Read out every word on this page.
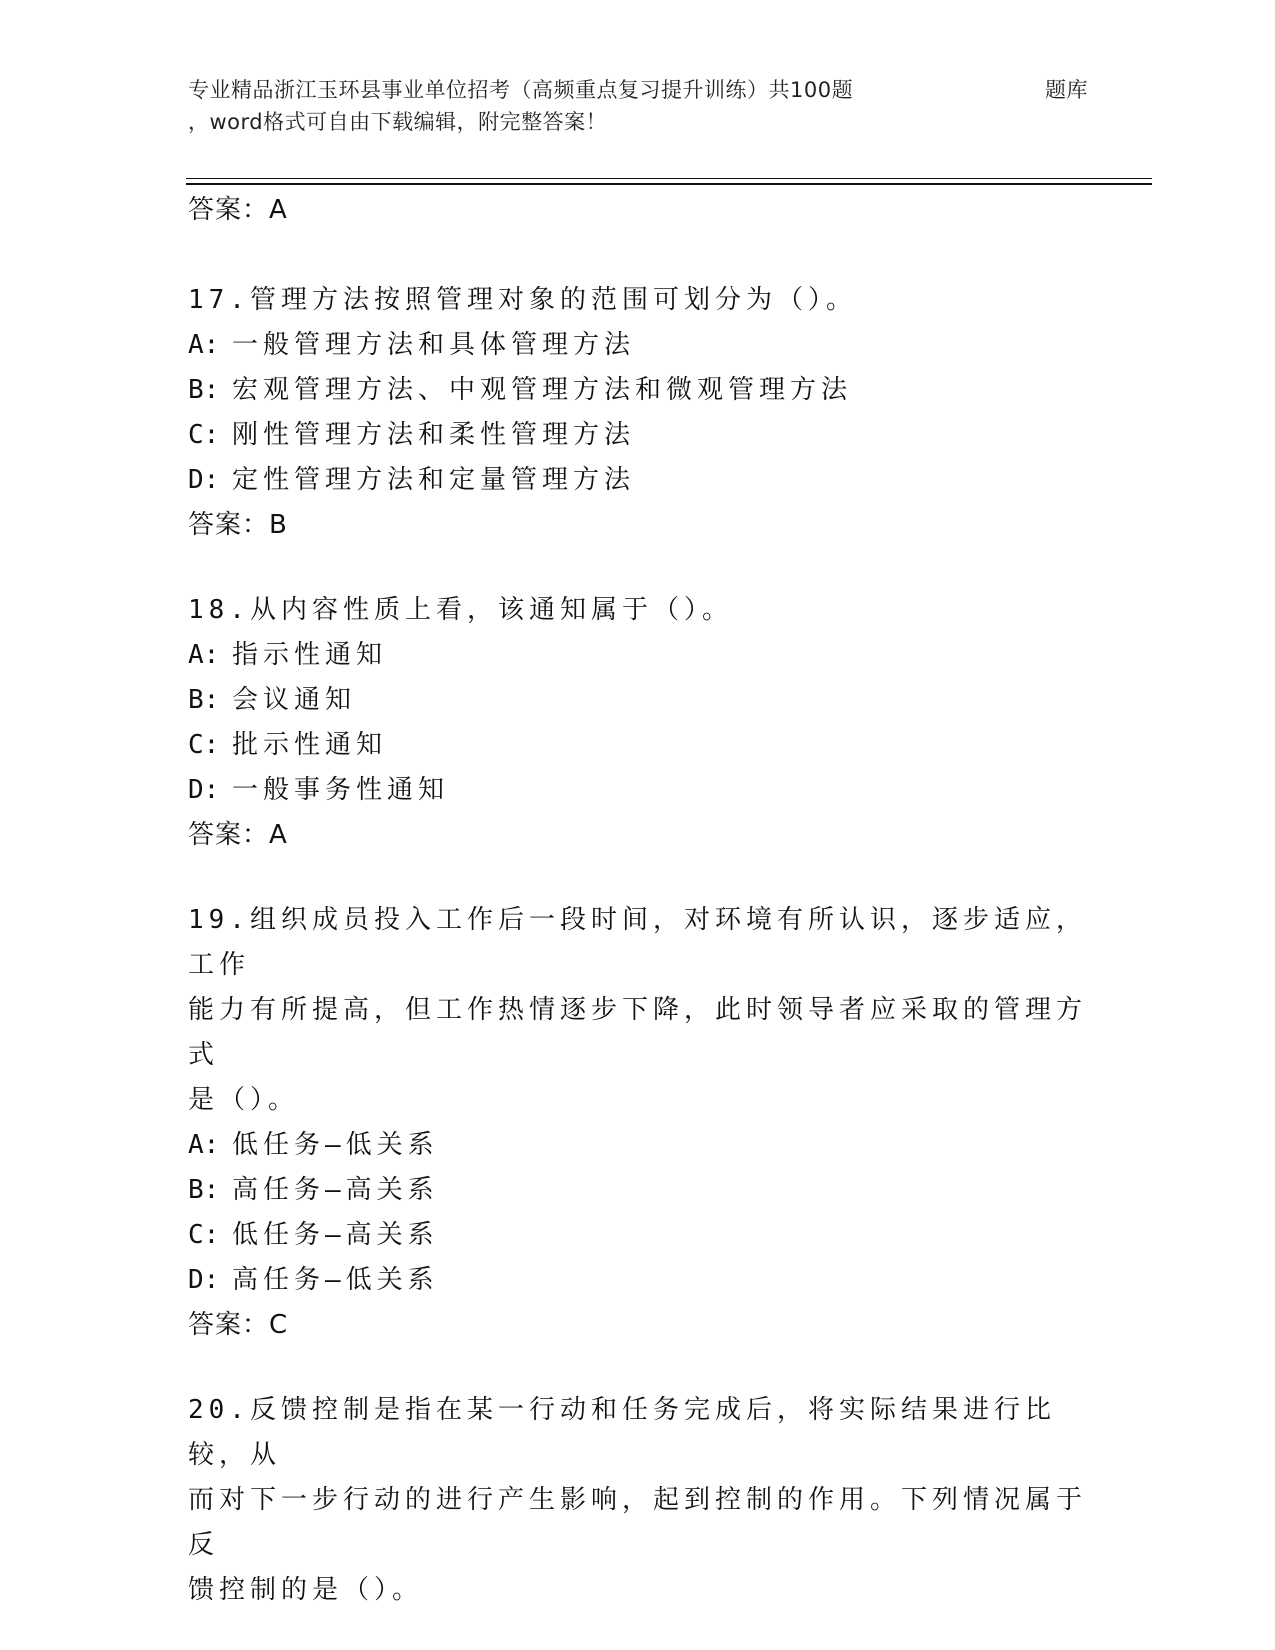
专业精品浙江玉环县事业单位招考（高频重点复习提升训练）共100题	题库
，word格式可自由下载编辑，附完整答案！

答案：A

17.管理方法按照管理对象的范围可划分为（）。

A: 一般管理方法和具体管理方法

B: 宏观管理方法、中观管理方法和微观管理方法

C: 刚性管理方法和柔性管理方法

D: 定性管理方法和定量管理方法

答案：B

18.从内容性质上看，该通知属于（）。

A: 指示性通知

B: 会议通知

C: 批示性通知

D: 一般事务性通知

答案：A

19.组织成员投入工作后一段时间，对环境有所认识，逐步适应，工作

能力有所提高，但工作热情逐步下降，此时领导者应采取的管理方式

是（）。

A: 低任务—低关系

B: 高任务—高关系

C: 低任务—高关系

D: 高任务—低关系

答案：C

20.反馈控制是指在某一行动和任务完成后，将实际结果进行比较，从

而对下一步行动的进行产生影响，起到控制的作用。下列情况属于反

馈控制的是（）。
